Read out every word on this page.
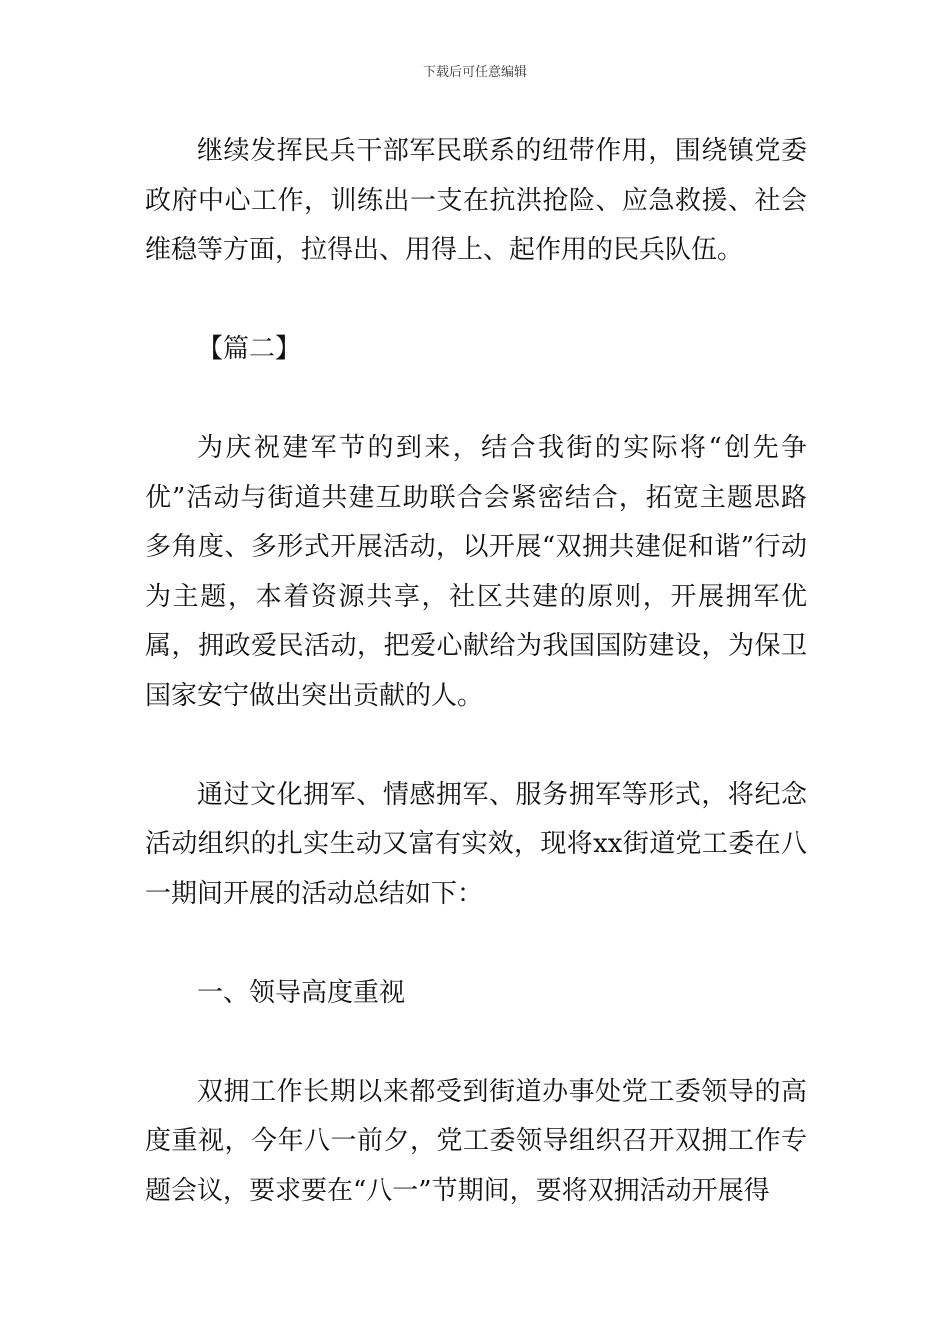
下载后可任意编辑

继续发挥民兵干部军民联系的纽带作用，围绕镇党委政府中心工作，训练出一支在抗洪抢险、应急救援、社会维稳等方面，拉得出、用得上、起作用的民兵队伍。

【篇二】

为庆祝建军节的到来，结合我街的实际将“创先争优”活动与街道共建互助联合会紧密结合，拓宽主题思路多角度、多形式开展活动，以开展“双拥共建促和谐”行动为主题，本着资源共享，社区共建的原则，开展拥军优属，拥政爱民活动，把爱心献给为我国国防建设，为保卫国家安宁做出突出贡献的人。

通过文化拥军、情感拥军、服务拥军等形式，将纪念活动组织的扎实生动又富有实效，现将xx街道党工委在八一期间开展的活动总结如下：

一、领导高度重视

双拥工作长期以来都受到街道办事处党工委领导的高度重视，今年八一前夕，党工委领导组织召开双拥工作专题会议，要求要在“八一”节期间，要将双拥活动开展得
